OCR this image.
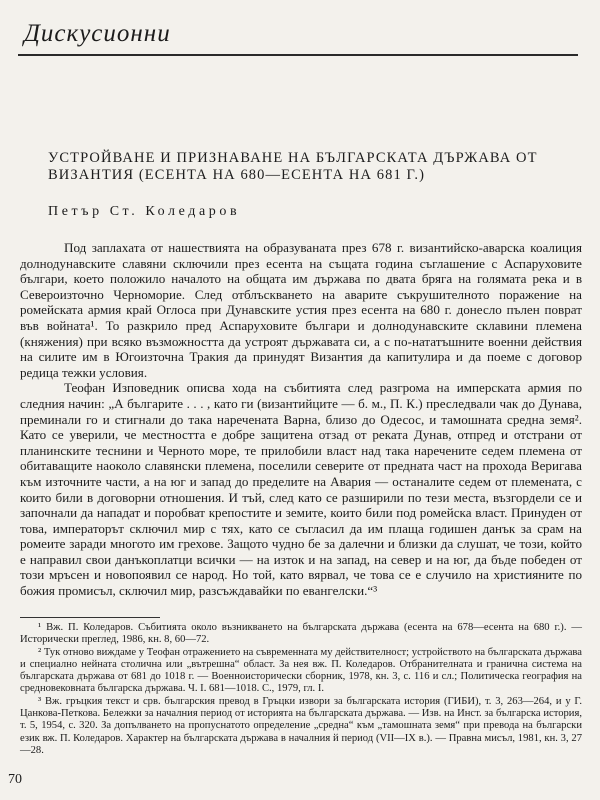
Дискусионни
УСТРОЙВАНЕ И ПРИЗНАВАНЕ НА БЪЛГАРСКАТА ДЪРЖАВА ОТ ВИЗАНТИЯ (ЕСЕНТА НА 680—ЕСЕНТА НА 681 Г.)
Петър Ст. Коледаров

Под заплахата от нашествията на образуваната през 678 г. византийско-аварска коалиция долнодунавските славяни сключили през есента на същата година съглашение с Аспаруховите българи, което положило началото на общата им държава по двата бряга на голямата река и в Североизточно Черноморие. След отблъскването на аварите съкрушителното поражение на ромейската армия край Оглоса при Дунавските устия през есента на 680 г. донесло пълен поврат във войната¹. То разкрило пред Аспаруховите българи и долнодунавските склавини племена (княжения) при всяко възможността да устроят държавата си, а с по-нататъшните военни действия на силите им в Югоизточна Тракия да принудят Византия да капитулира и да поеме с договор редица тежки условия.

Теофан Изповедник описва хода на събитията след разгрома на имперската армия по следния начин: „А българите . . . , като ги (византийците — б. м., П. К.) преследвали чак до Дунава, преминали го и стигнали до така наречената Варна, близо до Одесос, и тамошната средна земя². Като се уверили, че местността е добре защитена отзад от реката Дунав, отпред и отстрани от планинските теснини и Черното море, те прилобили власт над така наречените седем племена от обитаващите наоколо славянски племена, поселили северите от предната част на прохода Веригава към източните части, а на юг и запад до пределите на Авария — останалите седем от племената, с които били в договорни отношения. И тъй, след като се разширили по тези места, възгордели се и започнали да нападат и поробват крепостите и земите, които били под ромейска власт. Принуден от това, императорът сключил мир с тях, като се съгласил да им плаща годишен данък за срам на ромеите заради многото им грехове. Защото чудно бе за далечни и близки да слушат, че този, който е направил свои данъкоплатци всички — на изток и на запад, на север и на юг, да бъде победен от този мръсен и новопоявил се народ. Но той, като вярвал, че това се е случило на християните по божия промисъл, сключил мир, разсъждавайки по евангелски.“³

¹ Вж. П. Коледаров. Събитията около възникването на българската държава (есента на 678—есента на 680 г.). — Исторически преглед, 1986, кн. 8, 60—72.

² Тук отново виждаме у Теофан отражението на съвременната му действителност; устройството на българската държава и специално нейната столична или „вътрешна“ област. За нея вж. П. Коледаров. Отбранителната и гранична система на българската държава от 681 до 1018 г. — Военноисторически сборник, 1978, кн. 3, с. 116 и сл.; Политическа география на средновековната българска държава. Ч. I. 681—1018. С., 1979, гл. I.

³ Вж. гръцкия текст и срв. българския превод в Гръцки извори за българската история (ГИБИ), т. 3, 263—264, и у Г. Цанкова-Петкова. Бележки за началния период от историята на българската държава. — Изв. на Инст. за българска история, т. 5, 1954, с. 320. За допълването на пропуснатото определение „средна“ към „тамошната земя“ при превода на български език вж. П. Коледаров. Характер на българската държава в началния й период (VII—IX в.). — Правна мисъл, 1981, кн. 3, 27—28.

70
